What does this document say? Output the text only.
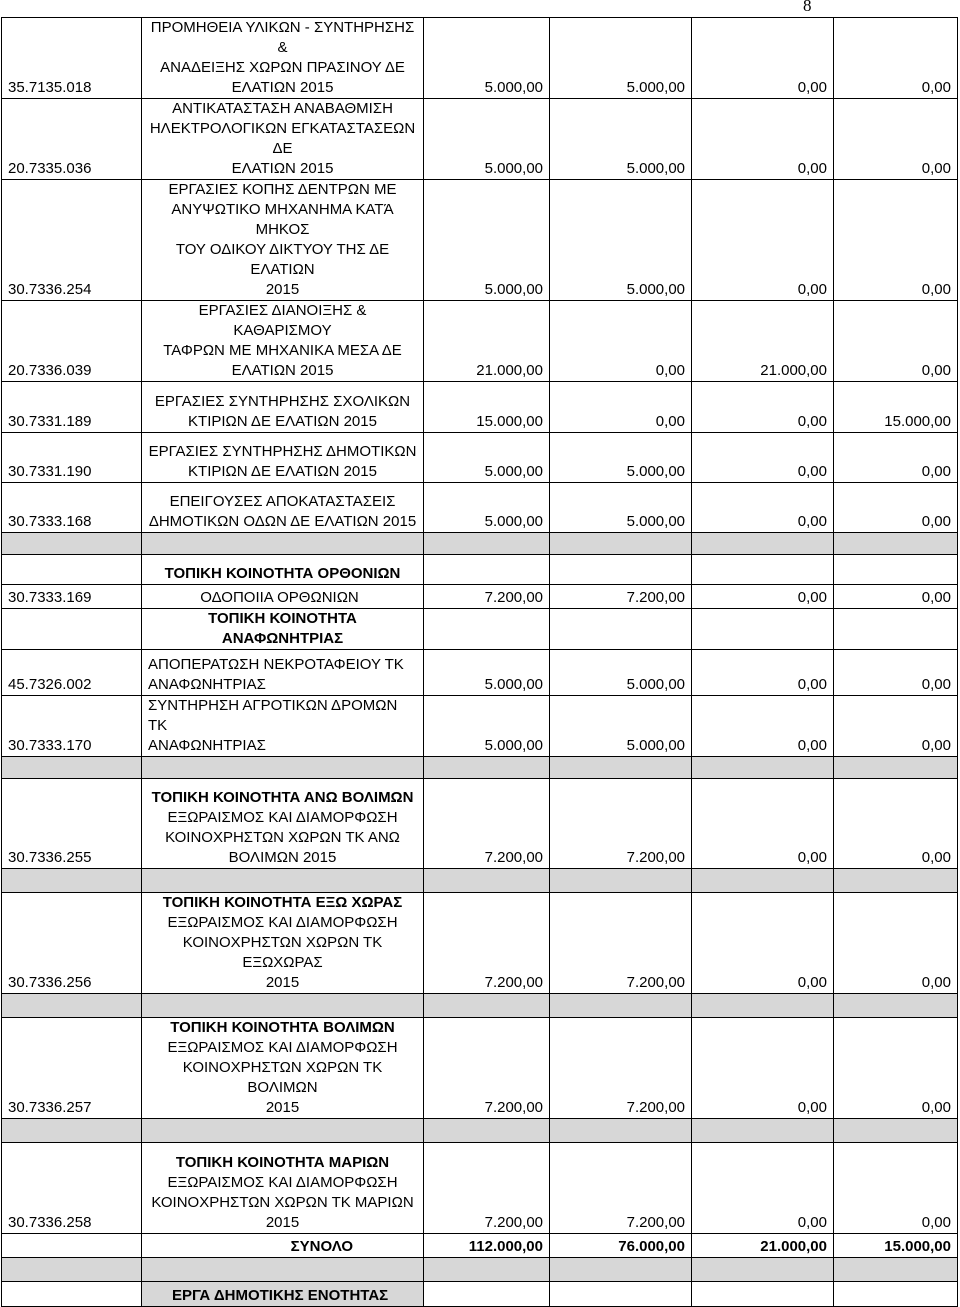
8
35.7135.018	ΠΡΟΜΗΘΕΙΑ ΥΛΙΚΩΝ - ΣΥΝΤΗΡΗΣΗΣ &
ΑΝΑΔΕΙΞΗΣ ΧΩΡΩΝ ΠΡΑΣΙΝΟΥ ΔΕ
ΕΛΑΤΙΩΝ 2015	5.000,00	5.000,00	0,00	0,00
20.7335.036	ΑΝΤΙΚΑΤΑΣΤΑΣΗ ΑΝΑΒΑΘΜΙΣΗ
ΗΛΕΚΤΡΟΛΟΓΙΚΩΝ ΕΓΚΑΤΑΣΤΑΣΕΩΝ ΔΕ
ΕΛΑΤΙΩΝ 2015	5.000,00	5.000,00	0,00	0,00
30.7336.254	ΕΡΓΑΣΙΕΣ ΚΟΠΗΣ ΔΕΝΤΡΩΝ ΜΕ
ΑΝΥΨΩΤΙΚΟ ΜΗΧΑΝΗΜΑ ΚΑΤΆ ΜΗΚΟΣ
ΤΟΥ ΟΔΙΚΟΥ ΔΙΚΤΥΟΥ ΤΗΣ ΔΕ ΕΛΑΤΙΩΝ
2015	5.000,00	5.000,00	0,00	0,00
20.7336.039	ΕΡΓΑΣΙΕΣ ΔΙΑΝΟΙΞΗΣ & ΚΑΘΑΡΙΣΜΟΥ
ΤΑΦΡΩΝ ΜΕ ΜΗΧΑΝΙΚΑ ΜΕΣΑ ΔΕ
ΕΛΑΤΙΩΝ 2015	21.000,00	0,00	21.000,00	0,00
30.7331.189	ΕΡΓΑΣΙΕΣ ΣΥΝΤΗΡΗΣΗΣ ΣΧΟΛΙΚΩΝ
ΚΤΙΡΙΩΝ ΔΕ ΕΛΑΤΙΩΝ 2015	15.000,00	0,00	0,00	15.000,00
30.7331.190	ΕΡΓΑΣΙΕΣ ΣΥΝΤΗΡΗΣΗΣ ΔΗΜΟΤΙΚΩΝ
ΚΤΙΡΙΩΝ ΔΕ ΕΛΑΤΙΩΝ 2015	5.000,00	5.000,00	0,00	0,00
30.7333.168	ΕΠΕΙΓΟΥΣΕΣ ΑΠΟΚΑΤΑΣΤΑΣΕΙΣ
ΔΗΜΟΤΙΚΩΝ ΟΔΩΝ ΔΕ ΕΛΑΤΙΩΝ 2015	5.000,00	5.000,00	0,00	0,00

	ΤΟΠΙΚΗ ΚΟΙΝΟΤΗΤΑ ΟΡΘΟΝΙΩΝ				
30.7333.169	ΟΔΟΠΟΙΙΑ ΟΡΘΩΝΙΩΝ	7.200,00	7.200,00	0,00	0,00
	ΤΟΠΙΚΗ ΚΟΙΝΟΤΗΤΑ ΑΝΑΦΩΝΗΤΡΙΑΣ				
45.7326.002	ΑΠΟΠΕΡΑΤΩΣΗ ΝΕΚΡΟΤΑΦΕΙΟΥ ΤΚ
ΑΝΑΦΩΝΗΤΡΙΑΣ	5.000,00	5.000,00	0,00	0,00
30.7333.170	ΣΥΝΤΗΡΗΣΗ ΑΓΡΟΤΙΚΩΝ ΔΡΟΜΩΝ ΤΚ
ΑΝΑΦΩΝΗΤΡΙΑΣ	5.000,00	5.000,00	0,00	0,00

30.7336.255	ΤΟΠΙΚΗ ΚΟΙΝΟΤΗΤΑ ΑΝΩ ΒΟΛΙΜΩΝ
ΕΞΩΡΑΙΣΜΟΣ ΚΑΙ ΔΙΑΜΟΡΦΩΣΗ
ΚΟΙΝΟΧΡΗΣΤΩΝ ΧΩΡΩΝ ΤΚ ΑΝΩ
ΒΟΛΙΜΩΝ 2015	7.200,00	7.200,00	0,00	0,00

30.7336.256	ΤΟΠΙΚΗ ΚΟΙΝΟΤΗΤΑ ΕΞΩ ΧΩΡΑΣ
ΕΞΩΡΑΙΣΜΟΣ ΚΑΙ ΔΙΑΜΟΡΦΩΣΗ
ΚΟΙΝΟΧΡΗΣΤΩΝ ΧΩΡΩΝ ΤΚ ΕΞΩΧΩΡΑΣ
2015	7.200,00	7.200,00	0,00	0,00

30.7336.257	ΤΟΠΙΚΗ ΚΟΙΝΟΤΗΤΑ ΒΟΛΙΜΩΝ
ΕΞΩΡΑΙΣΜΟΣ ΚΑΙ ΔΙΑΜΟΡΦΩΣΗ
ΚΟΙΝΟΧΡΗΣΤΩΝ ΧΩΡΩΝ ΤΚ ΒΟΛΙΜΩΝ
2015	7.200,00	7.200,00	0,00	0,00

30.7336.258	ΤΟΠΙΚΗ ΚΟΙΝΟΤΗΤΑ ΜΑΡΙΩΝ
ΕΞΩΡΑΙΣΜΟΣ ΚΑΙ ΔΙΑΜΟΡΦΩΣΗ
ΚΟΙΝΟΧΡΗΣΤΩΝ ΧΩΡΩΝ ΤΚ ΜΑΡΙΩΝ
2015	7.200,00	7.200,00	0,00	0,00
	ΣΥΝΟΛΟ	112.000,00	76.000,00	21.000,00	15.000,00

	ΕΡΓΑ ΔΗΜΟΤΙΚΗΣ ΕΝΟΤΗΤΑΣ				
